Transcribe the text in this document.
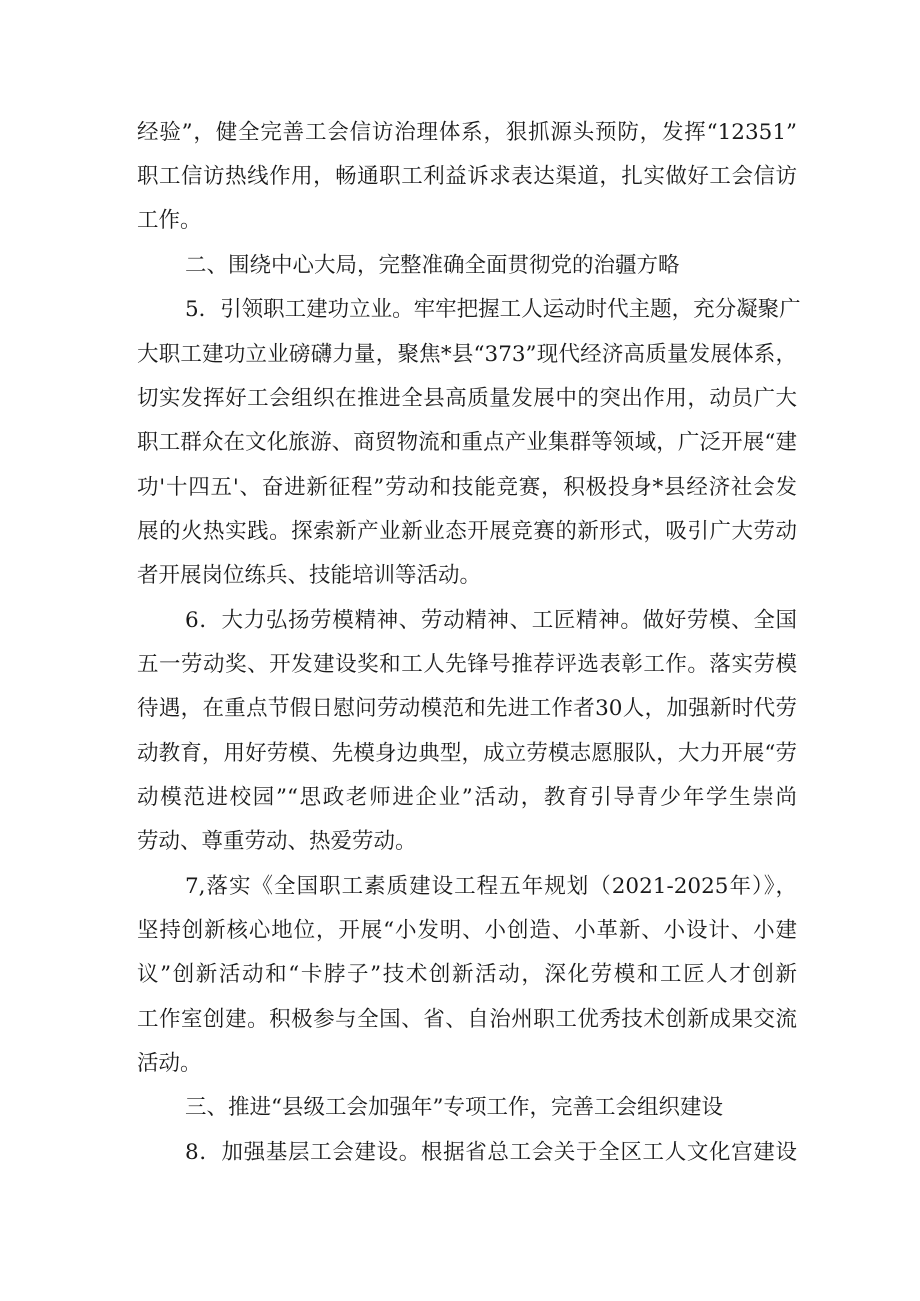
经验”，健全完善工会信访治理体系，狠抓源头预防，发挥“12351”
职工信访热线作用，畅通职工利益诉求表达渠道，扎实做好工会信访
工作。
二、围绕中心大局，完整准确全面贯彻党的治疆方略
5．引领职工建功立业。牢牢把握工人运动时代主题，充分凝聚广
大职工建功立业磅礴力量，聚焦*县“373”现代经济高质量发展体系，
切实发挥好工会组织在推进全县高质量发展中的突出作用，动员广大
职工群众在文化旅游、商贸物流和重点产业集群等领域，广泛开展“建
功'十四五'、奋进新征程”劳动和技能竞赛，积极投身*县经济社会发
展的火热实践。探索新产业新业态开展竞赛的新形式，吸引广大劳动
者开展岗位练兵、技能培训等活动。
6．大力弘扬劳模精神、劳动精神、工匠精神。做好劳模、全国
五一劳动奖、开发建设奖和工人先锋号推荐评选表彰工作。落实劳模
待遇，在重点节假日慰问劳动模范和先进工作者30人，加强新时代劳
动教育，用好劳模、先模身边典型，成立劳模志愿服队，大力开展“劳
动模范进校园”“思政老师进企业”活动，教育引导青少年学生崇尚
劳动、尊重劳动、热爱劳动。
7,落实《全国职工素质建设工程五年规划（2021-2025年）》，
坚持创新核心地位，开展“小发明、小创造、小革新、小设计、小建
议”创新活动和“卡脖子”技术创新活动，深化劳模和工匠人才创新
工作室创建。积极参与全国、省、自治州职工优秀技术创新成果交流
活动。
三、推进“县级工会加强年”专项工作，完善工会组织建设
8．加强基层工会建设。根据省总工会关于全区工人文化宫建设
